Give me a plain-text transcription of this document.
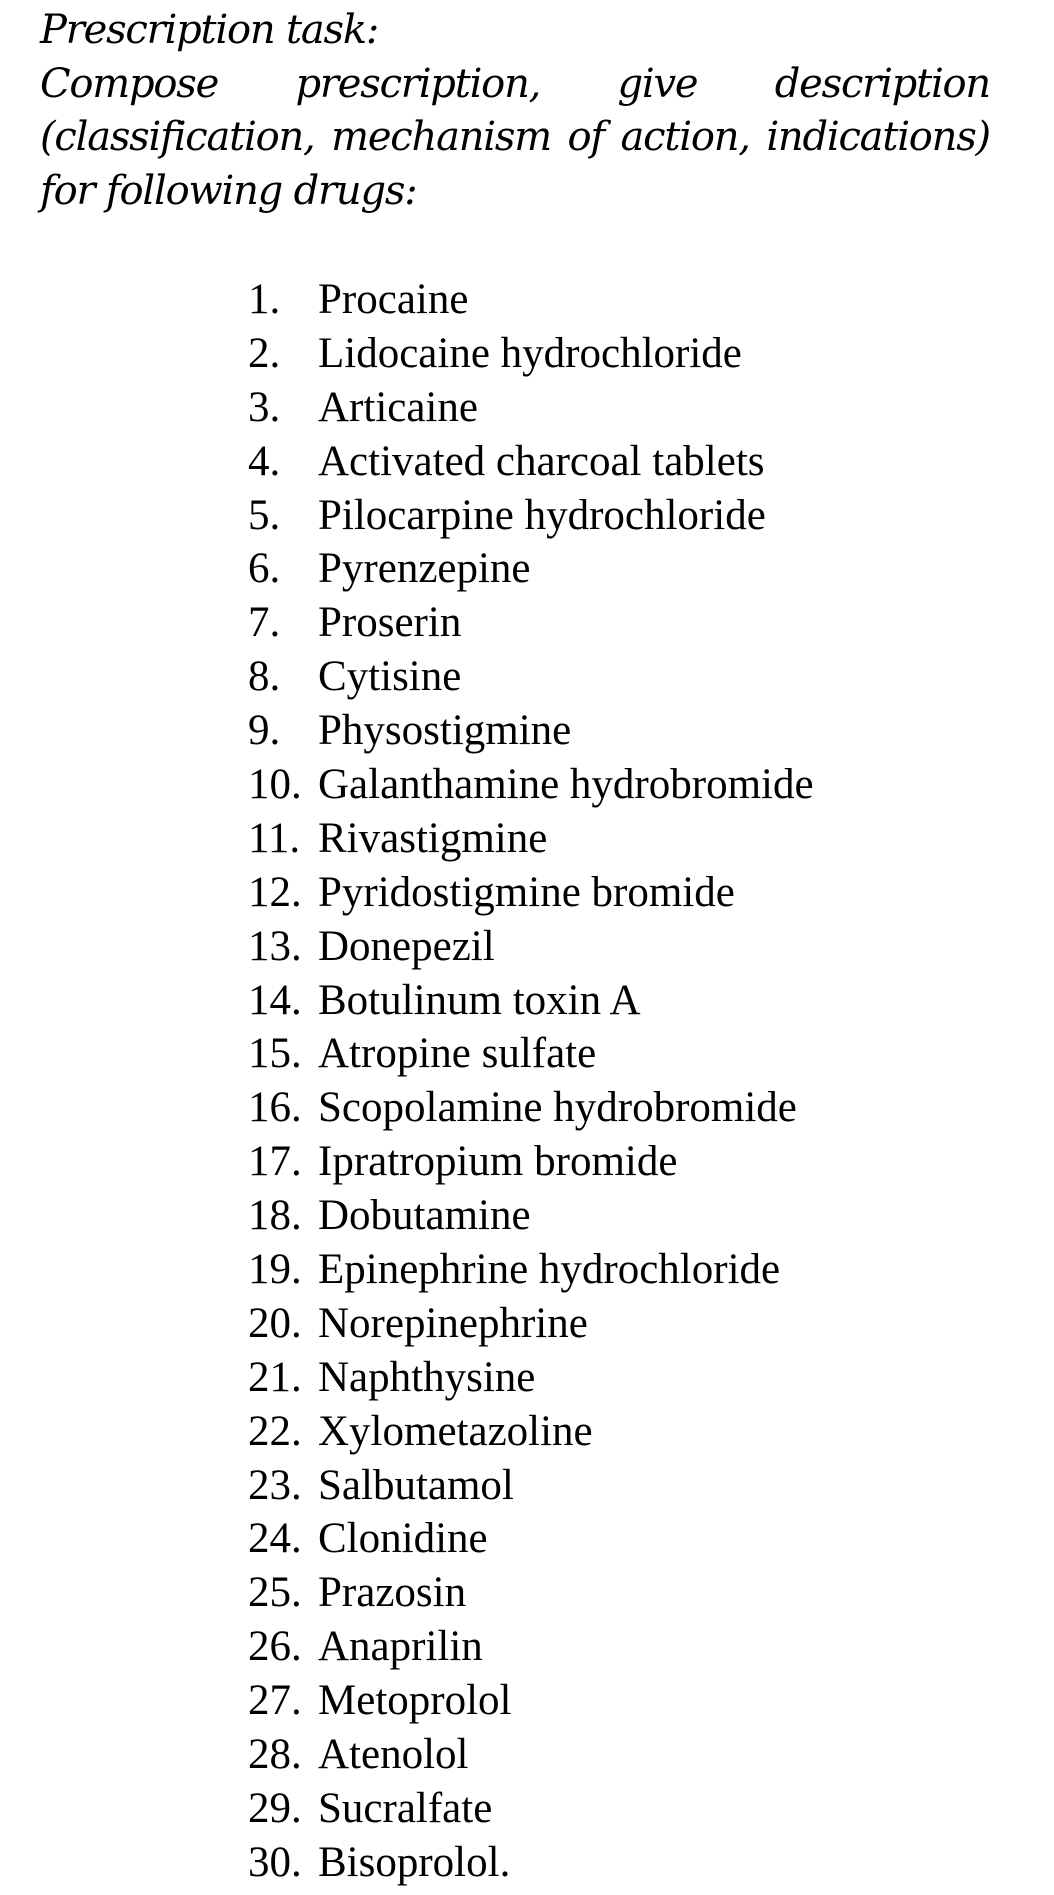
Prescription task:
Compose prescription, give description
(classification, mechanism of action, indications)
for following drugs:
1. Procaine
2. Lidocaine hydrochloride
3. Articaine
4. Activated charcoal tablets
5. Pilocarpine hydrochloride
6. Pyrenzepine
7. Proserin
8. Cytisine
9. Physostigmine
10. Galanthamine hydrobromide
11. Rivastigmine
12. Pyridostigmine bromide
13. Donepezil
14. Botulinum toxin A
15. Atropine sulfate
16. Scopolamine hydrobromide
17. Ipratropium bromide
18. Dobutamine
19. Epinephrine hydrochloride
20. Norepinephrine
21. Naphthysine
22. Xylometazoline
23. Salbutamol
24. Clonidine
25. Prazosin
26. Anaprilin
27. Metoprolol
28. Atenolol
29. Sucralfate
30. Bisoprolol.
